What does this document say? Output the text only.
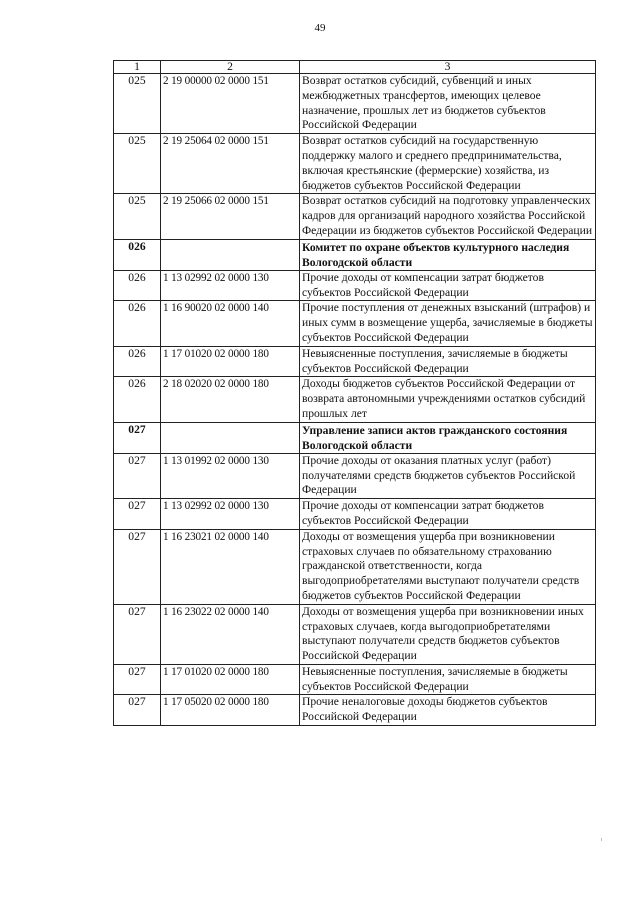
49
1	2	3
025	2 19 00000 02 0000 151	Возврат остатков субсидий, субвенций и иных межбюджетных трансфертов, имеющих целевое назначение, прошлых лет из бюджетов субъектов Российской Федерации
025	2 19 25064 02 0000 151	Возврат остатков субсидий на государственную поддержку малого и среднего предпринимательства, включая крестьянские (фермерские) хозяйства, из бюджетов субъектов Российской Федерации
025	2 19 25066 02 0000 151	Возврат остатков субсидий на подготовку управленческих кадров для организаций народного хозяйства Российской Федерации из бюджетов субъектов Российской Федерации
026		Комитет по охране объектов культурного наследия Вологодской области
026	1 13 02992 02 0000 130	Прочие доходы от компенсации затрат бюджетов субъектов Российской Федерации
026	1 16 90020 02 0000 140	Прочие поступления от денежных взысканий (штрафов) и иных сумм в возмещение ущерба, зачисляемые в бюджеты субъектов Российской Федерации
026	1 17 01020 02 0000 180	Невыясненные поступления, зачисляемые в бюджеты субъектов Российской Федерации
026	2 18 02020 02 0000 180	Доходы бюджетов субъектов Российской Федерации от возврата автономными учреждениями остатков субсидий прошлых лет
027		Управление записи актов гражданского состояния Вологодской области
027	1 13 01992 02 0000 130	Прочие доходы от оказания платных услуг (работ) получателями средств бюджетов субъектов Российской Федерации
027	1 13 02992 02 0000 130	Прочие доходы от компенсации затрат бюджетов субъектов Российской Федерации
027	1 16 23021 02 0000 140	Доходы от возмещения ущерба при возникновении страховых случаев по обязательному страхованию гражданской ответственности, когда выгодоприобретателями выступают получатели средств бюджетов субъектов Российской Федерации
027	1 16 23022 02 0000 140	Доходы от возмещения ущерба при возникновении иных страховых случаев, когда выгодоприобретателями выступают получатели средств бюджетов субъектов Российской Федерации
027	1 17 01020 02 0000 180	Невыясненные поступления, зачисляемые в бюджеты субъектов Российской Федерации
027	1 17 05020 02 0000 180	Прочие неналоговые доходы бюджетов субъектов Российской Федерации
